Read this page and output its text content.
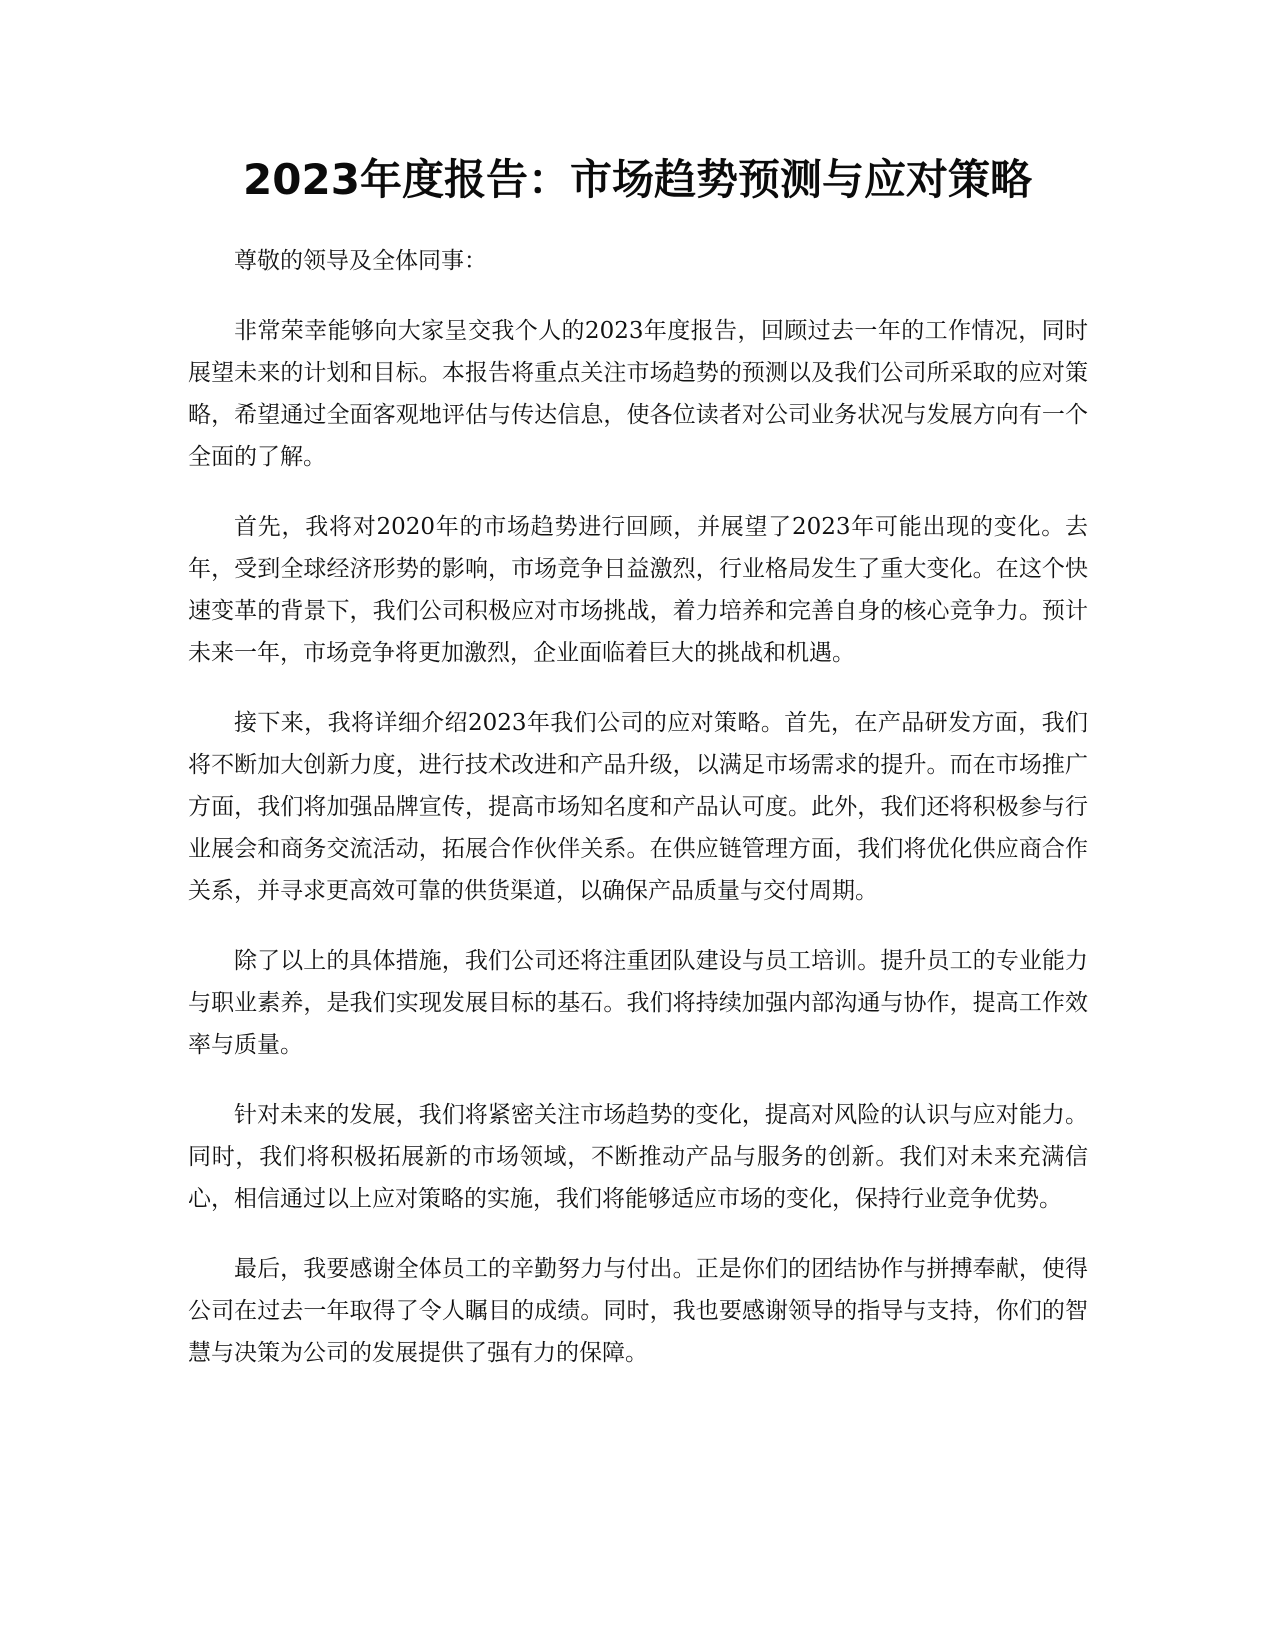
2023年度报告：市场趋势预测与应对策略

尊敬的领导及全体同事：

非常荣幸能够向大家呈交我个人的2023年度报告，回顾过去一年的工作情况，同时展望未来的计划和目标。本报告将重点关注市场趋势的预测以及我们公司所采取的应对策略，希望通过全面客观地评估与传达信息，使各位读者对公司业务状况与发展方向有一个全面的了解。

首先，我将对2020年的市场趋势进行回顾，并展望了2023年可能出现的变化。去年，受到全球经济形势的影响，市场竞争日益激烈，行业格局发生了重大变化。在这个快速变革的背景下，我们公司积极应对市场挑战，着力培养和完善自身的核心竞争力。预计未来一年，市场竞争将更加激烈，企业面临着巨大的挑战和机遇。

接下来，我将详细介绍2023年我们公司的应对策略。首先，在产品研发方面，我们将不断加大创新力度，进行技术改进和产品升级，以满足市场需求的提升。而在市场推广方面，我们将加强品牌宣传，提高市场知名度和产品认可度。此外，我们还将积极参与行业展会和商务交流活动，拓展合作伙伴关系。在供应链管理方面，我们将优化供应商合作关系，并寻求更高效可靠的供货渠道，以确保产品质量与交付周期。

除了以上的具体措施，我们公司还将注重团队建设与员工培训。提升员工的专业能力与职业素养，是我们实现发展目标的基石。我们将持续加强内部沟通与协作，提高工作效率与质量。

针对未来的发展，我们将紧密关注市场趋势的变化，提高对风险的认识与应对能力。同时，我们将积极拓展新的市场领域，不断推动产品与服务的创新。我们对未来充满信心，相信通过以上应对策略的实施，我们将能够适应市场的变化，保持行业竞争优势。

最后，我要感谢全体员工的辛勤努力与付出。正是你们的团结协作与拼搏奉献，使得公司在过去一年取得了令人瞩目的成绩。同时，我也要感谢领导的指导与支持，你们的智慧与决策为公司的发展提供了强有力的保障。
